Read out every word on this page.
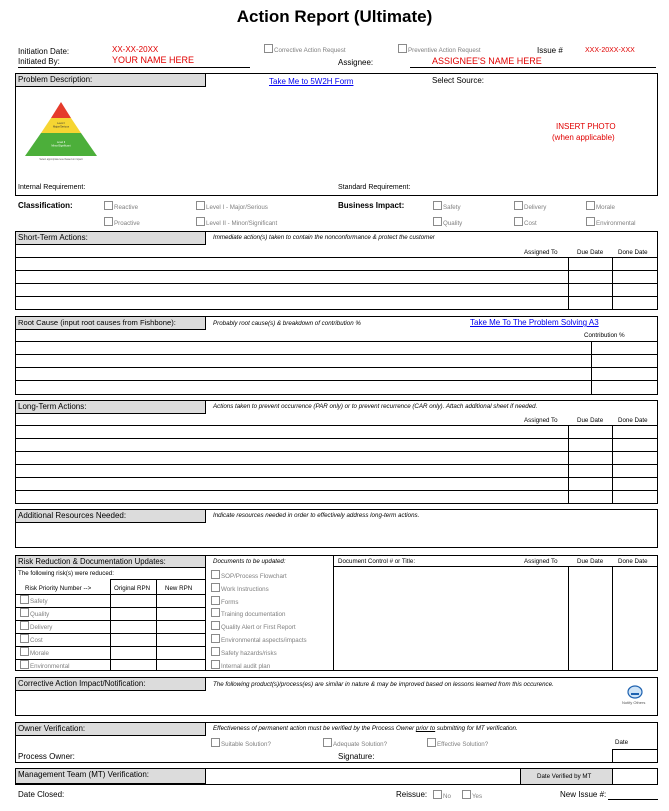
Action Report (Ultimate)
Initiation Date:	XX-XX-20XX
Initiated By:	YOUR NAME HERE
Corrective Action Request	Preventive Action Request	Issue #	XXX-20XX-XXX
Assignee:	ASSIGNEE'S NAME HERE
Problem Description:	Take Me to 5W2H Form	Select Source:
Level I
Major/Serious
Level II
Minor/Significant
Select appropriate level based on impact
INSERT PHOTO
(when applicable)
Internal Requirement:	Standard Requirement:
Classification:	Reactive
Proactive
Level I - Major/Serious
Level II - Minor/Significant
Business Impact:	Safety	Delivery	Morale
Quality	Cost	Environmental
Short-Term Actions:	Immediate action(s) taken to contain the nonconformance & protect the customer
Assigned To	Due Date Done Date
Root Cause (input root causes from Fishbone):	Probably root cause(s) & breakdown of contribution %	Take Me To The Problem Solving A3
Contribution %
Long-Term Actions:	Actions taken to prevent occurrence (PAR only) or to prevent recurrence (CAR only). Attach additional sheet if needed.
Assigned To	Due Date Done Date
Additional Resources Needed:	Indicate resources needed in order to effectively address long-term actions.
Risk Reduction & Documentation Updates:
The following risk(s) were reduced:
Risk Priority Number -->	Original RPN New RPN
Safety
Quality
Delivery
Cost
Morale
Environmental
Documents to be updated:
SOP/Process Flowchart
Work Instructions
Forms
Training documentation
Quality Alert or First Report
Environmental aspects/impacts
Safety hazards/risks
Internal audit plan
Document Control # or Title:	Assigned To	Due Date Done Date
Corrective Action Impact/Notification:	The following product(s)/process(es) are similar in nature & may be improved based on lessons learned from this occurence.
Notify Others
Owner Verification:	Effectiveness of permanent action must be verified by the Process Owner prior to submitting for MT verification.
Suitable Solution?	Adequate Solution?	Effective Solution?	Date
Process Owner:	Signature:
Management Team (MT) Verification:	Date Verified by MT
Date Closed:	Reissue:	No	Yes	New Issue #:
